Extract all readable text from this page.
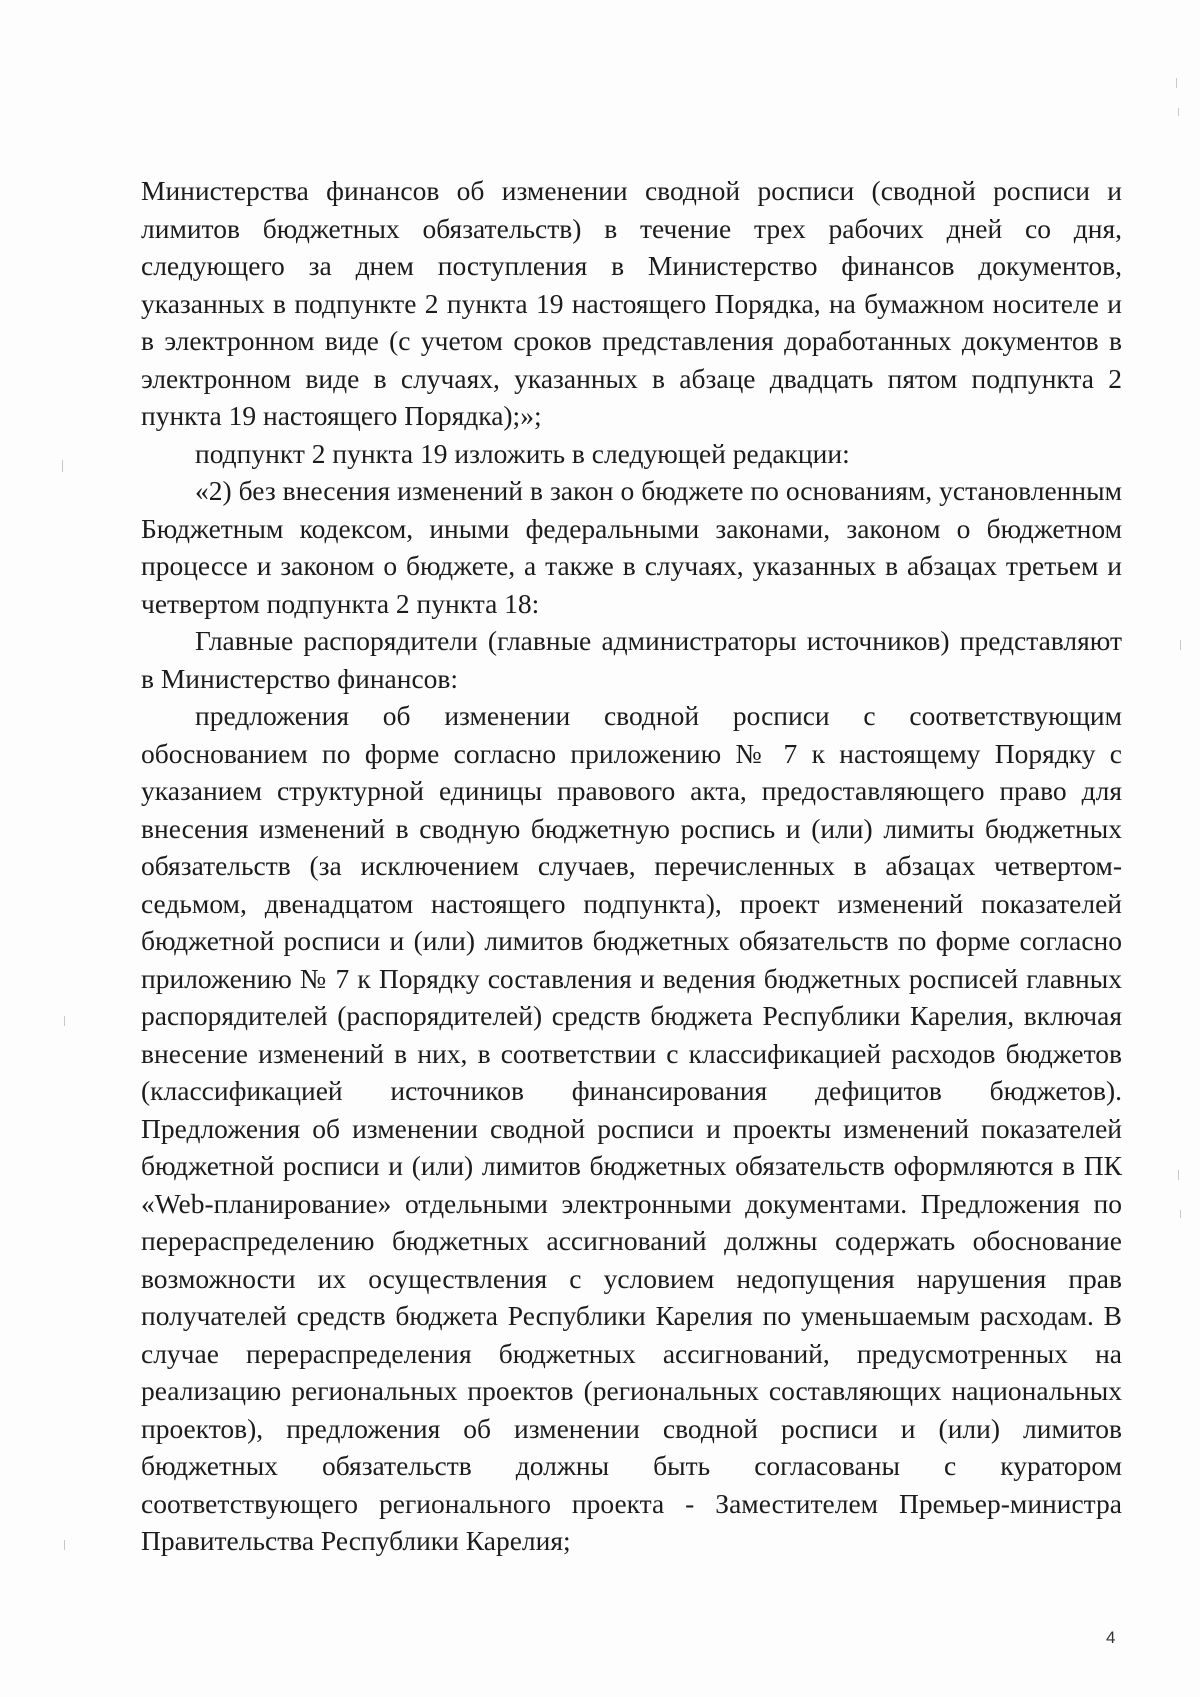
Министерства финансов об изменении сводной росписи (сводной росписи и лимитов бюджетных обязательств) в течение трех рабочих дней со дня, следующего за днем поступления в Министерство финансов документов, указанных в подпункте 2 пункта 19 настоящего Порядка, на бумажном носителе и в электронном виде (с учетом сроков представления доработанных документов в электронном виде в случаях, указанных в абзаце двадцать пятом подпункта 2 пункта 19 настоящего Порядка);»;

подпункт 2 пункта 19 изложить в следующей редакции:

«2) без внесения изменений в закон о бюджете по основаниям, установленным Бюджетным кодексом, иными федеральными законами, законом о бюджетном процессе и законом о бюджете, а также в случаях, указанных в абзацах третьем и четвертом подпункта 2 пункта 18:

Главные распорядители (главные администраторы источников) представляют в Министерство финансов:

предложения об изменении сводной росписи с соответствующим обоснованием по форме согласно приложению № 7 к настоящему Порядку с указанием структурной единицы правового акта, предоставляющего право для внесения изменений в сводную бюджетную роспись и (или) лимиты бюджетных обязательств (за исключением случаев, перечисленных в абзацах четвертом-седьмом, двенадцатом настоящего подпункта), проект изменений показателей бюджетной росписи и (или) лимитов бюджетных обязательств по форме согласно приложению № 7 к Порядку составления и ведения бюджетных росписей главных распорядителей (распорядителей) средств бюджета Республики Карелия, включая внесение изменений в них, в соответствии с классификацией расходов бюджетов (классификацией источников финансирования дефицитов бюджетов). Предложения об изменении сводной росписи и проекты изменений показателей бюджетной росписи и (или) лимитов бюджетных обязательств оформляются в ПК «Web-планирование» отдельными электронными документами. Предложения по перераспределению бюджетных ассигнований должны содержать обоснование возможности их осуществления с условием недопущения нарушения прав получателей средств бюджета Республики Карелия по уменьшаемым расходам. В случае перераспределения бюджетных ассигнований, предусмотренных на реализацию региональных проектов (региональных составляющих национальных проектов), предложения об изменении сводной росписи и (или) лимитов бюджетных обязательств должны быть согласованы с куратором соответствующего регионального проекта - Заместителем Премьер-министра Правительства Республики Карелия;

4
